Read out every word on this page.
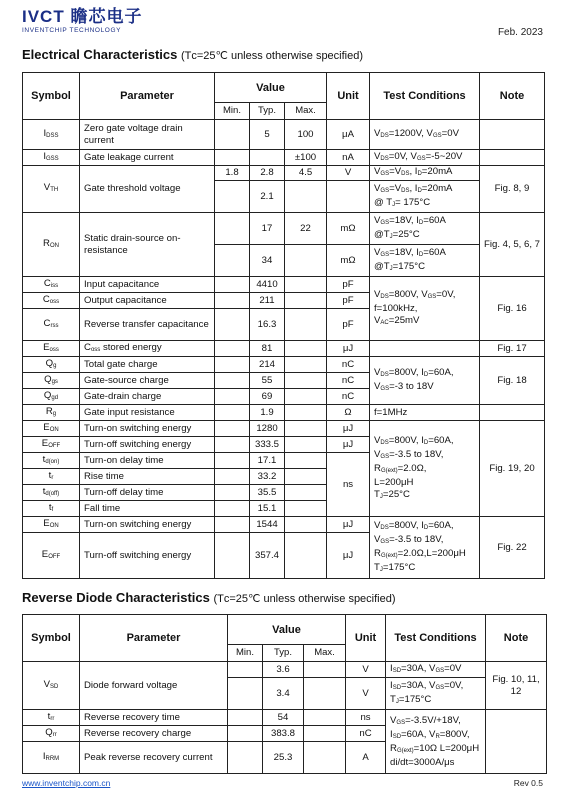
IVCT 瞻芯电子
INVENTCHIP TECHNOLOGY	Feb. 2023
Electrical Characteristics (Tᴄ=25℃ unless otherwise specified)
Symbol	Parameter	Value			Unit	Test Conditions	Note
		Min.	Typ.	Max.			
$I_{DSS}$	Zero gate voltage drain current		5	100	μA	$V_{DS}=1200V$, $V_{GS}=0V$	
$I_{GSS}$	Gate leakage current			±100	nA	$V_{DS}=0V$, $V_{GS}=-5\sim 20V$	
$V_{TH}$	Gate threshold voltage	1.8	2.8	4.5	V	$V_{GS}=V_{DS}$, $I_D=20mA$	Fig. 8, 9
			2.1			$V_{GS}=V_{DS}$, $I_D=20mA$
@ $T_J= 175^\circ C$	
$R_{ON}$	Static drain-source on-resistance		17	22	mΩ	$V_{GS}=18V$, $I_D=60A$
$@T_J=25^\circ C$	Fig. 4, 5, 6, 7
			34		mΩ	$V_{GS}=18V$, $I_D=60A$
$@T_J=175^\circ C$	
$C_{iss}$	Input capacitance		4410		pF	$V_{DS}=800V$, $V_{GS}=0V$,
f=100kHz,
$V_{AC}=25mV$	Fig. 16
$C_{oss}$	Output capacitance		211		pF		
$C_{rss}$	Reverse transfer capacitance		16.3		pF		
$E_{oss}$	$C_{oss}$ stored energy		81		μJ		Fig. 17
$Q_g$	Total gate charge		214		nC	$V_{DS}=800V$, $I_D=60A$,
$V_{GS}=-3$ to 18V	Fig. 18
$Q_{gs}$	Gate-source charge		55		nC		
$Q_{gd}$	Gate-drain charge		69		nC		
$R_g$	Gate input resistance		1.9		Ω	f=1MHz	
$E_{ON}$	Turn-on switching energy		1280		μJ	$V_{DS}=800V$, $I_D=60A$,
$V_{GS}=-3.5$ to 18V,
$R_{G(ext)}=2.0\Omega$,
L=200μH
$T_J=25^\circ C$	Fig. 19, 20
$E_{OFF}$	Turn-off switching energy		333.5		μJ		
$t_{d(on)}$	Turn-on delay time		17.1		ns		
$t_r$	Rise time		33.2				
$t_{d(off)}$	Turn-off delay time		35.5				
$t_f$	Fall time		15.1				
$E_{ON}$	Turn-on switching energy		1544		μJ	$V_{DS}=800V$, $I_D=60A$,
$V_{GS}=-3.5$ to 18V,
$R_{G(ext)}=2.0\Omega,L=200\mu H$
$T_J=175^\circ C$	Fig. 22
$E_{OFF}$	Turn-off switching energy		357.4		μJ		
Reverse Diode Characteristics (Tᴄ=25℃ unless otherwise specified)
Symbol	Parameter	Value			Unit	Test Conditions	Note
		Min.	Typ.	Max.			
$V_{SD}$	Diode forward voltage		3.6		V	$I_{SD}=30A$, $V_{GS}=0V$	Fig. 10, 11, 12
			3.4		V	$I_{SD}=30A$, $V_{GS}=0V$,
$T_J=175^\circ C$	
$t_{rr}$	Reverse recovery time		54		ns	$V_{GS}=-3.5V/+18V$,
$I_{SD}=60A$, $V_R=800V$,
$R_{G(ext)}=10\Omega$ L=200μH
di/dt=3000A/μs	
$Q_{rr}$	Reverse recovery charge		383.8		nC		
$I_{RRM}$	Peak reverse recovery current		25.3		A		
www.inventchip.com.cn	Rev 0.5
